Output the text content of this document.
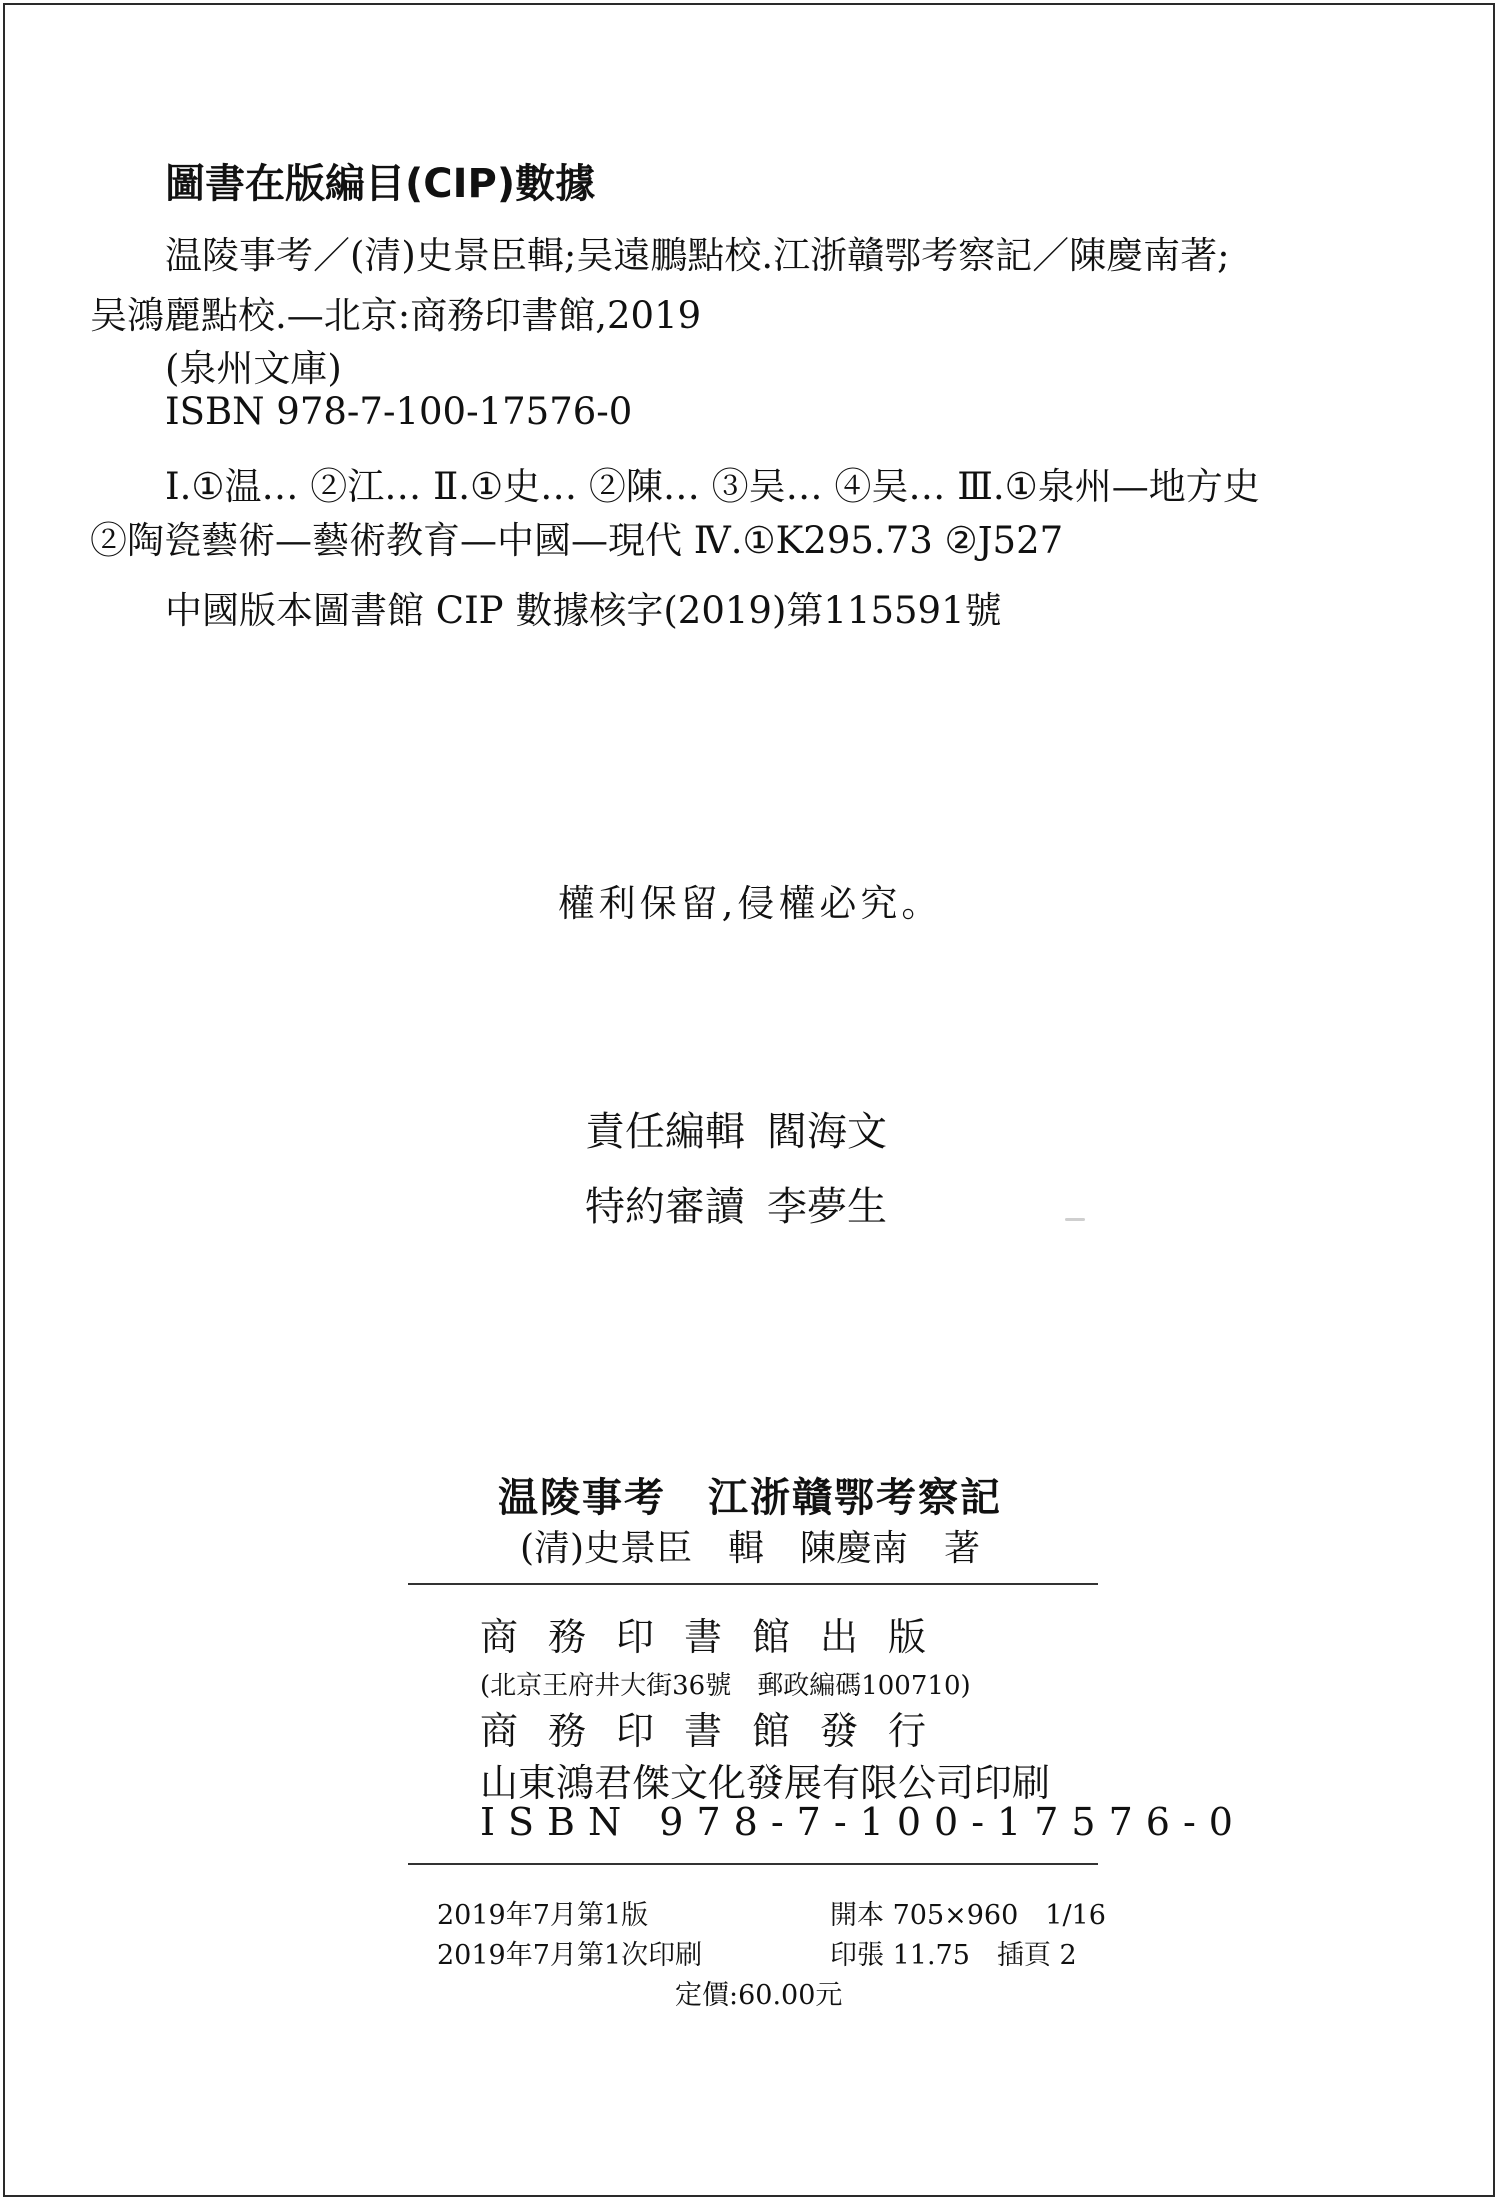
圖書在版編目(CIP)數據
温陵事考／(清)史景臣輯;吴遠鵬點校.江浙贛鄂考察記／陳慶南著;
吴鴻麗點校.—北京:商務印書館,2019
(泉州文庫)
ISBN 978-7-100-17576-0
Ⅰ.①温… ②江… Ⅱ.①史… ②陳… ③吴… ④吴… Ⅲ.①泉州—地方史
②陶瓷藝術—藝術教育—中國—現代 Ⅳ.①K295.73 ②J527
中國版本圖書館 CIP 數據核字(2019)第115591號
權利保留,侵權必究。
責任編輯 閻海文
特約審讀 李夢生
温陵事考　江浙贛鄂考察記
(清)史景臣　輯　陳慶南　著
商務印書館出版
(北京王府井大街36號　郵政編碼100710)
商務印書館發行
山東鴻君傑文化發展有限公司印刷
ISBN 978-7-100-17576-0
2019年7月第1版	開本 705×960　1/16
2019年7月第1次印刷	印張 11.75　插頁 2
定價:60.00元
